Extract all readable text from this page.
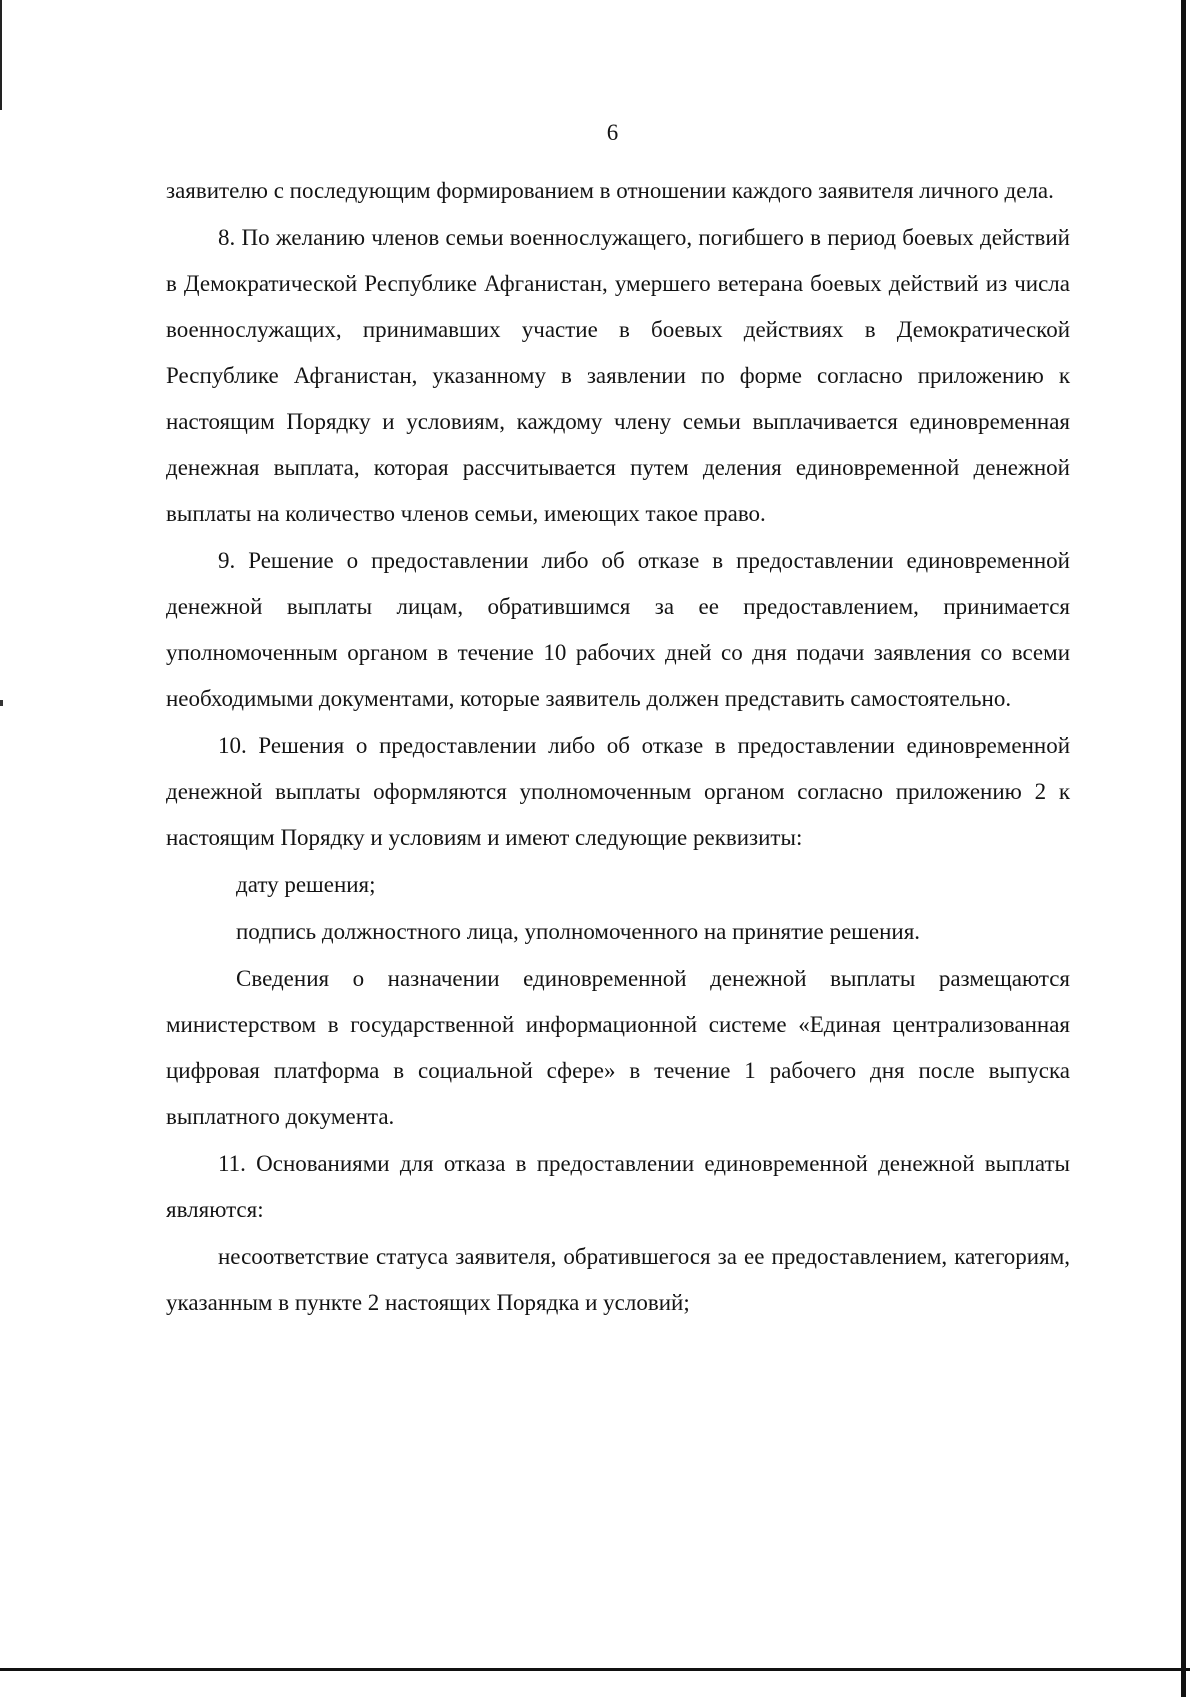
6

заявителю с последующим формированием в отношении каждого заявителя личного дела.

8. По желанию членов семьи военнослужащего, погибшего в период боевых действий в Демократической Республике Афганистан, умершего ветерана боевых действий из числа военнослужащих, принимавших участие в боевых действиях в Демократической Республике Афганистан, указанному в заявлении по форме согласно приложению к настоящим Порядку и условиям, каждому члену семьи выплачивается единовременная денежная выплата, которая рассчитывается путем деления единовременной денежной выплаты на количество членов семьи, имеющих такое право.

9. Решение о предоставлении либо об отказе в предоставлении единовременной денежной выплаты лицам, обратившимся за ее предоставлением, принимается уполномоченным органом в течение 10 рабочих дней со дня подачи заявления со всеми необходимыми документами, которые заявитель должен представить самостоятельно.

10. Решения о предоставлении либо об отказе в предоставлении единовременной денежной выплаты оформляются уполномоченным органом согласно приложению 2 к настоящим Порядку и условиям и имеют следующие реквизиты:

дату решения;

подпись должностного лица, уполномоченного на принятие решения.

Сведения о назначении единовременной денежной выплаты размещаются министерством в государственной информационной системе «Единая централизованная цифровая платформа в социальной сфере» в течение 1 рабочего дня после выпуска выплатного документа.

11. Основаниями для отказа в предоставлении единовременной денежной выплаты являются:

несоответствие статуса заявителя, обратившегося за ее предоставлением, категориям, указанным в пункте 2 настоящих Порядка и условий;
